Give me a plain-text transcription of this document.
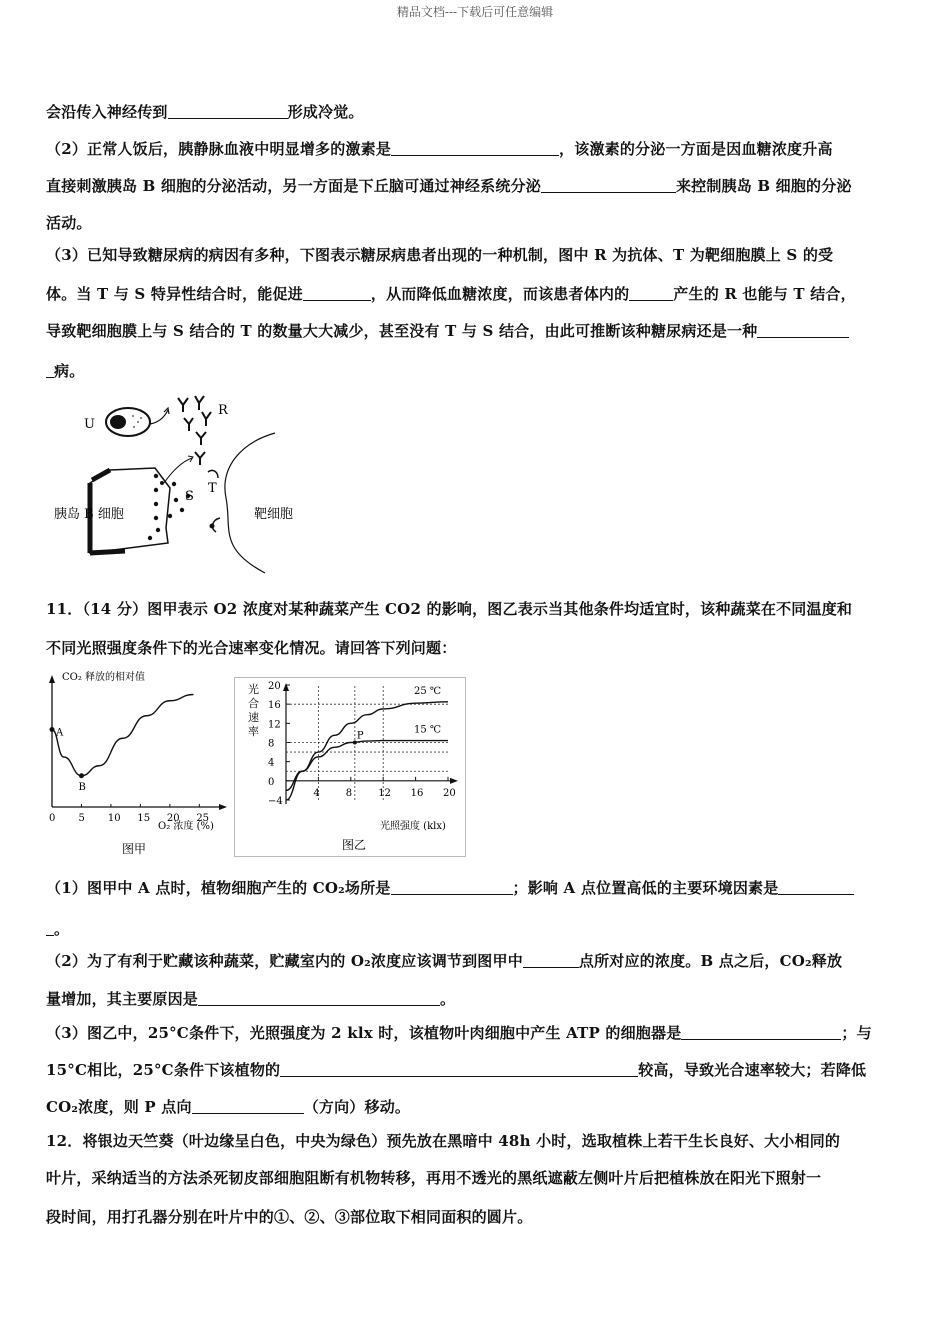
精品文档---下载后可任意编辑
会沿传入神经传到	形成冷觉。
（2）正常人饭后，胰静脉血液中明显增多的激素是	，该激素的分泌一方面是因血糖浓度升高
直接刺激胰岛 B 细胞的分泌活动，另一方面是下丘脑可通过神经系统分泌	来控制胰岛 B 细胞的分泌
活动。
（3）已知导致糖尿病的病因有多种，下图表示糖尿病患者出现的一种机制，图中 R 为抗体、T 为靶细胞膜上 S 的受
体。当 T 与 S 特异性结合时，能促进	，从而降低血糖浓度，而该患者体内的	产生的 R 也能与 T 结合，
导致靶细胞膜上与 S 结合的 T 的数量大大减少，甚至没有 T 与 S 结合，由此可推断该种糖尿病还是一种
病。
11．（14 分）图甲表示 O2 浓度对某种蔬菜产生 CO2 的影响，图乙表示当其他条件均适宜时，该种蔬菜在不同温度和
不同光照强度条件下的光合速率变化情况。请回答下列问题：
（1）图甲中 A 点时，植物细胞产生的 CO₂场所是	；影响 A 点位置高低的主要环境因素是
。
（2）为了有利于贮藏该种蔬菜，贮藏室内的 O₂浓度应该调节到图甲中	点所对应的浓度。B 点之后，CO₂释放
量增加，其主要原因是	。
（3）图乙中，25°C条件下，光照强度为 2 klx 时，该植物叶肉细胞中产生 ATP 的细胞器是	；与
15°C相比，25°C条件下该植物的	较高，导致光合速率较大；若降低
CO₂浓度，则 P 点向	（方向）移动。
12．将银边天竺葵（叶边缘呈白色，中央为绿色）预先放在黑暗中 48h 小时，选取植株上若干生长良好、大小相同的
叶片，采纳适当的方法杀死韧皮部细胞阻断有机物转移，再用不透光的黑纸遮蔽左侧叶片后把植株放在阳光下照射一
段时间，用打孔器分别在叶片中的①、②、③部位取下相同面积的圆片。
U
R
T
靶细胞
S
胰岛 B 细胞
CO₂ 释放的相对值
O₂ 浓度 (%)
图甲
0 5 10 15 20 25
A
B
光照强度 (klx)
图乙
光
合
速
率
20
16
12
8
4
0
−4
4	8	12 16 20
25 ℃
15 ℃
P
